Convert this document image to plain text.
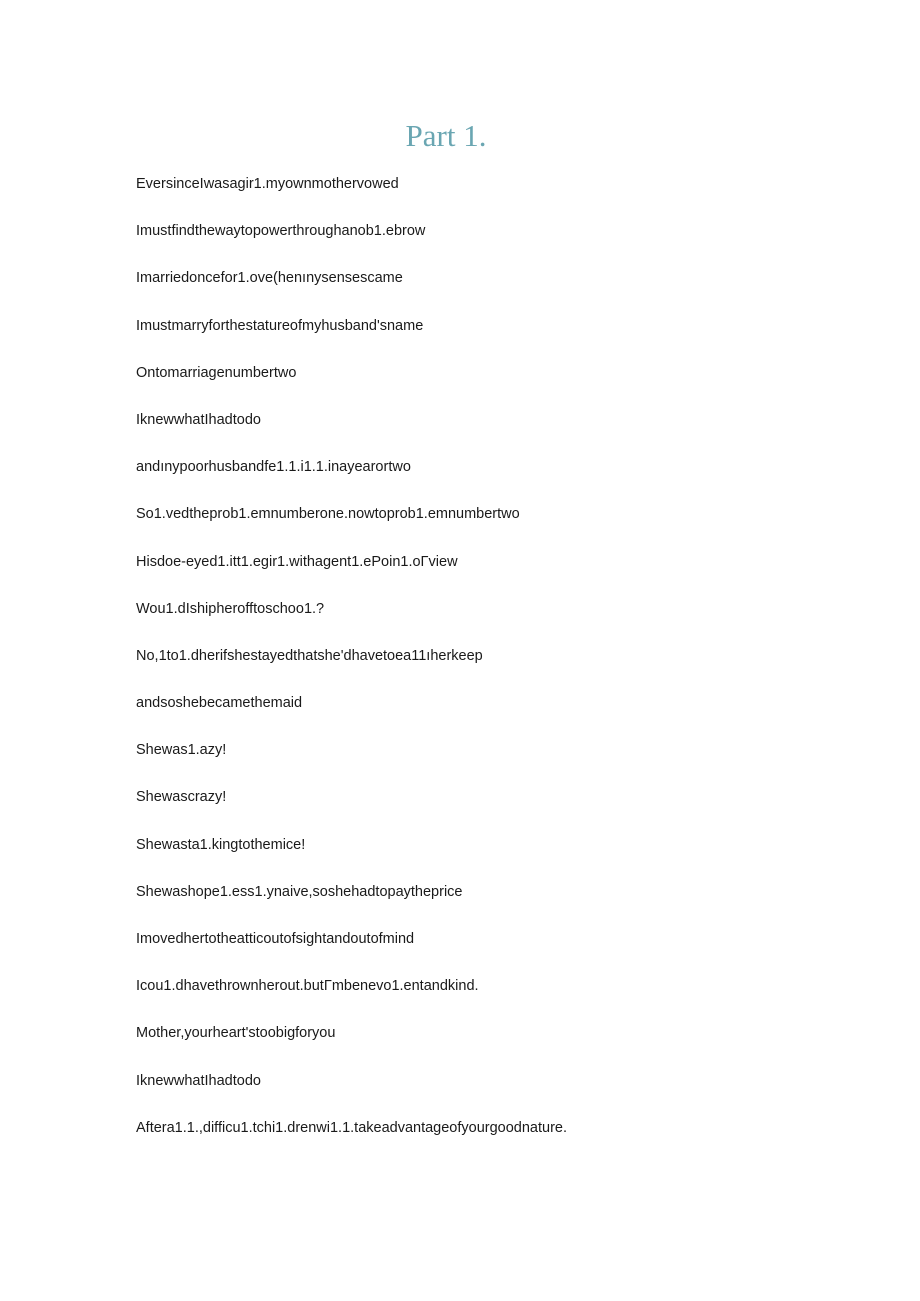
Part 1.
EversinceIwasagir1.myownmothervowed
Imustfindthewaytopowerthroughanob1.ebrow
Imarriedoncefor1.ove(henınysensescame
Imustmarryforthestatureofmyhusband'sname
Ontomarriagenumbertwo
IknewwhatIhadtodo
andınypoorhusbandfe1.1.i1.1.inayearortwo
So1.vedtheprob1.emnumberone.nowtoprob1.emnumbertwo
Hisdoe-eyed1.itt1.egir1.withagent1.ePoin1.oΓview
Wou1.dIshipherofftoschoo1.?
No,1to1.dherifshestayedthatshe'dhavetoea11ıherkeep
andsoshebecamethemaid
Shewas1.azy!
Shewascrazy!
Shewasta1.kingtothemice!
Shewashope1.ess1.ynaive,soshehadtopaytheprice
Imovedhertotheatticoutofsightandoutofmind
Icou1.dhavethrownherout.butΓmbenevo1.entandkind.
Mother,yourheart'stoobigforyou
IknewwhatIhadtodo
Aftera1.1.,difficu1.tchi1.drenwi1.1.takeadvantageofyourgoodnature.
